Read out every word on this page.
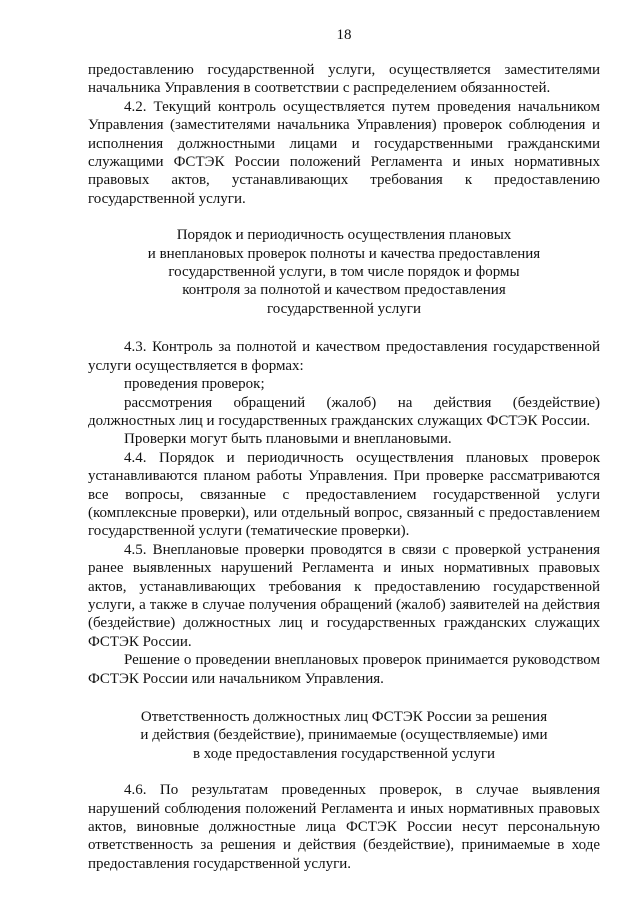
18

предоставлению государственной услуги, осуществляется заместителями начальника Управления в соответствии с распределением обязанностей.

4.2. Текущий контроль осуществляется путем проведения начальником Управления (заместителями начальника Управления) проверок соблюдения и исполнения должностными лицами и государственными гражданскими служащими ФСТЭК России положений Регламента и иных нормативных правовых актов, устанавливающих требования к предоставлению государственной услуги.

Порядок и периодичность осуществления плановых
и внеплановых проверок полноты и качества предоставления
государственной услуги, в том числе порядок и формы
контроля за полнотой и качеством предоставления
государственной услуги

4.3. Контроль за полнотой и качеством предоставления государственной услуги осуществляется в формах:

проведения проверок;

рассмотрения обращений (жалоб) на действия (бездействие) должностных лиц и государственных гражданских служащих ФСТЭК России.

Проверки могут быть плановыми и внеплановыми.

4.4. Порядок и периодичность осуществления плановых проверок устанавливаются планом работы Управления. При проверке рассматриваются все вопросы, связанные с предоставлением государственной услуги (комплексные проверки), или отдельный вопрос, связанный с предоставлением государственной услуги (тематические проверки).

4.5. Внеплановые проверки проводятся в связи с проверкой устранения ранее выявленных нарушений Регламента и иных нормативных правовых актов, устанавливающих требования к предоставлению государственной услуги, а также в случае получения обращений (жалоб) заявителей на действия (бездействие) должностных лиц и государственных гражданских служащих ФСТЭК России.

Решение о проведении внеплановых проверок принимается руководством ФСТЭК России или начальником Управления.

Ответственность должностных лиц ФСТЭК России за решения
и действия (бездействие), принимаемые (осуществляемые) ими
в ходе предоставления государственной услуги

4.6. По результатам проведенных проверок, в случае выявления нарушений соблюдения положений Регламента и иных нормативных правовых актов, виновные должностные лица ФСТЭК России несут персональную ответственность за решения и действия (бездействие), принимаемые в ходе предоставления государственной услуги.
